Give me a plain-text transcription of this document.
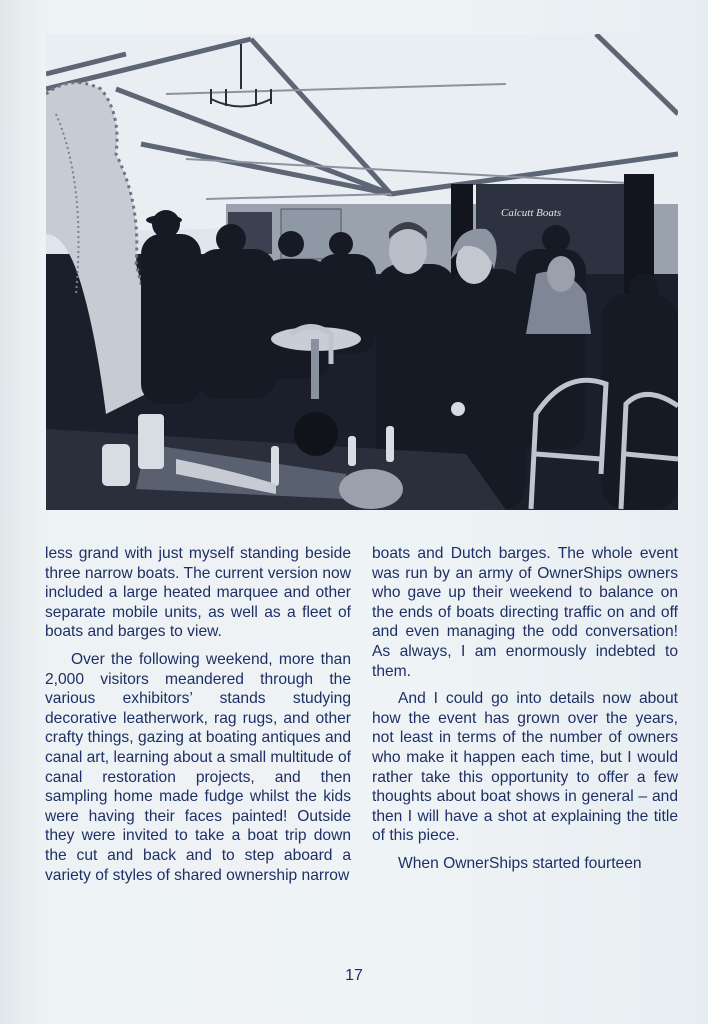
Calcutt Boats

less grand with just myself standing beside three narrow boats. The current version now included a large heated marquee and other separate mobile units, as well as a fleet of boats and barges to view.

Over the following weekend, more than 2,000 visitors meandered through the various exhibitors’ stands studying decorative leatherwork, rag rugs, and other crafty things, gazing at boating antiques and canal art, learning about a small multitude of canal restoration projects, and then sampling home made fudge whilst the kids were having their faces painted! Outside they were invited to take a boat trip down the cut and back and to step aboard a variety of styles of shared ownership narrow

boats and Dutch barges. The whole event was run by an army of OwnerShips owners who gave up their weekend to balance on the ends of boats directing traffic on and off and even managing the odd conversation! As always, I am enormously indebted to them.

And I could go into details now about how the event has grown over the years, not least in terms of the number of owners who make it happen each time, but I would rather take this opportunity to offer a few thoughts about boat shows in general – and then I will have a shot at explaining the title of this piece.

When OwnerShips started fourteen

17
